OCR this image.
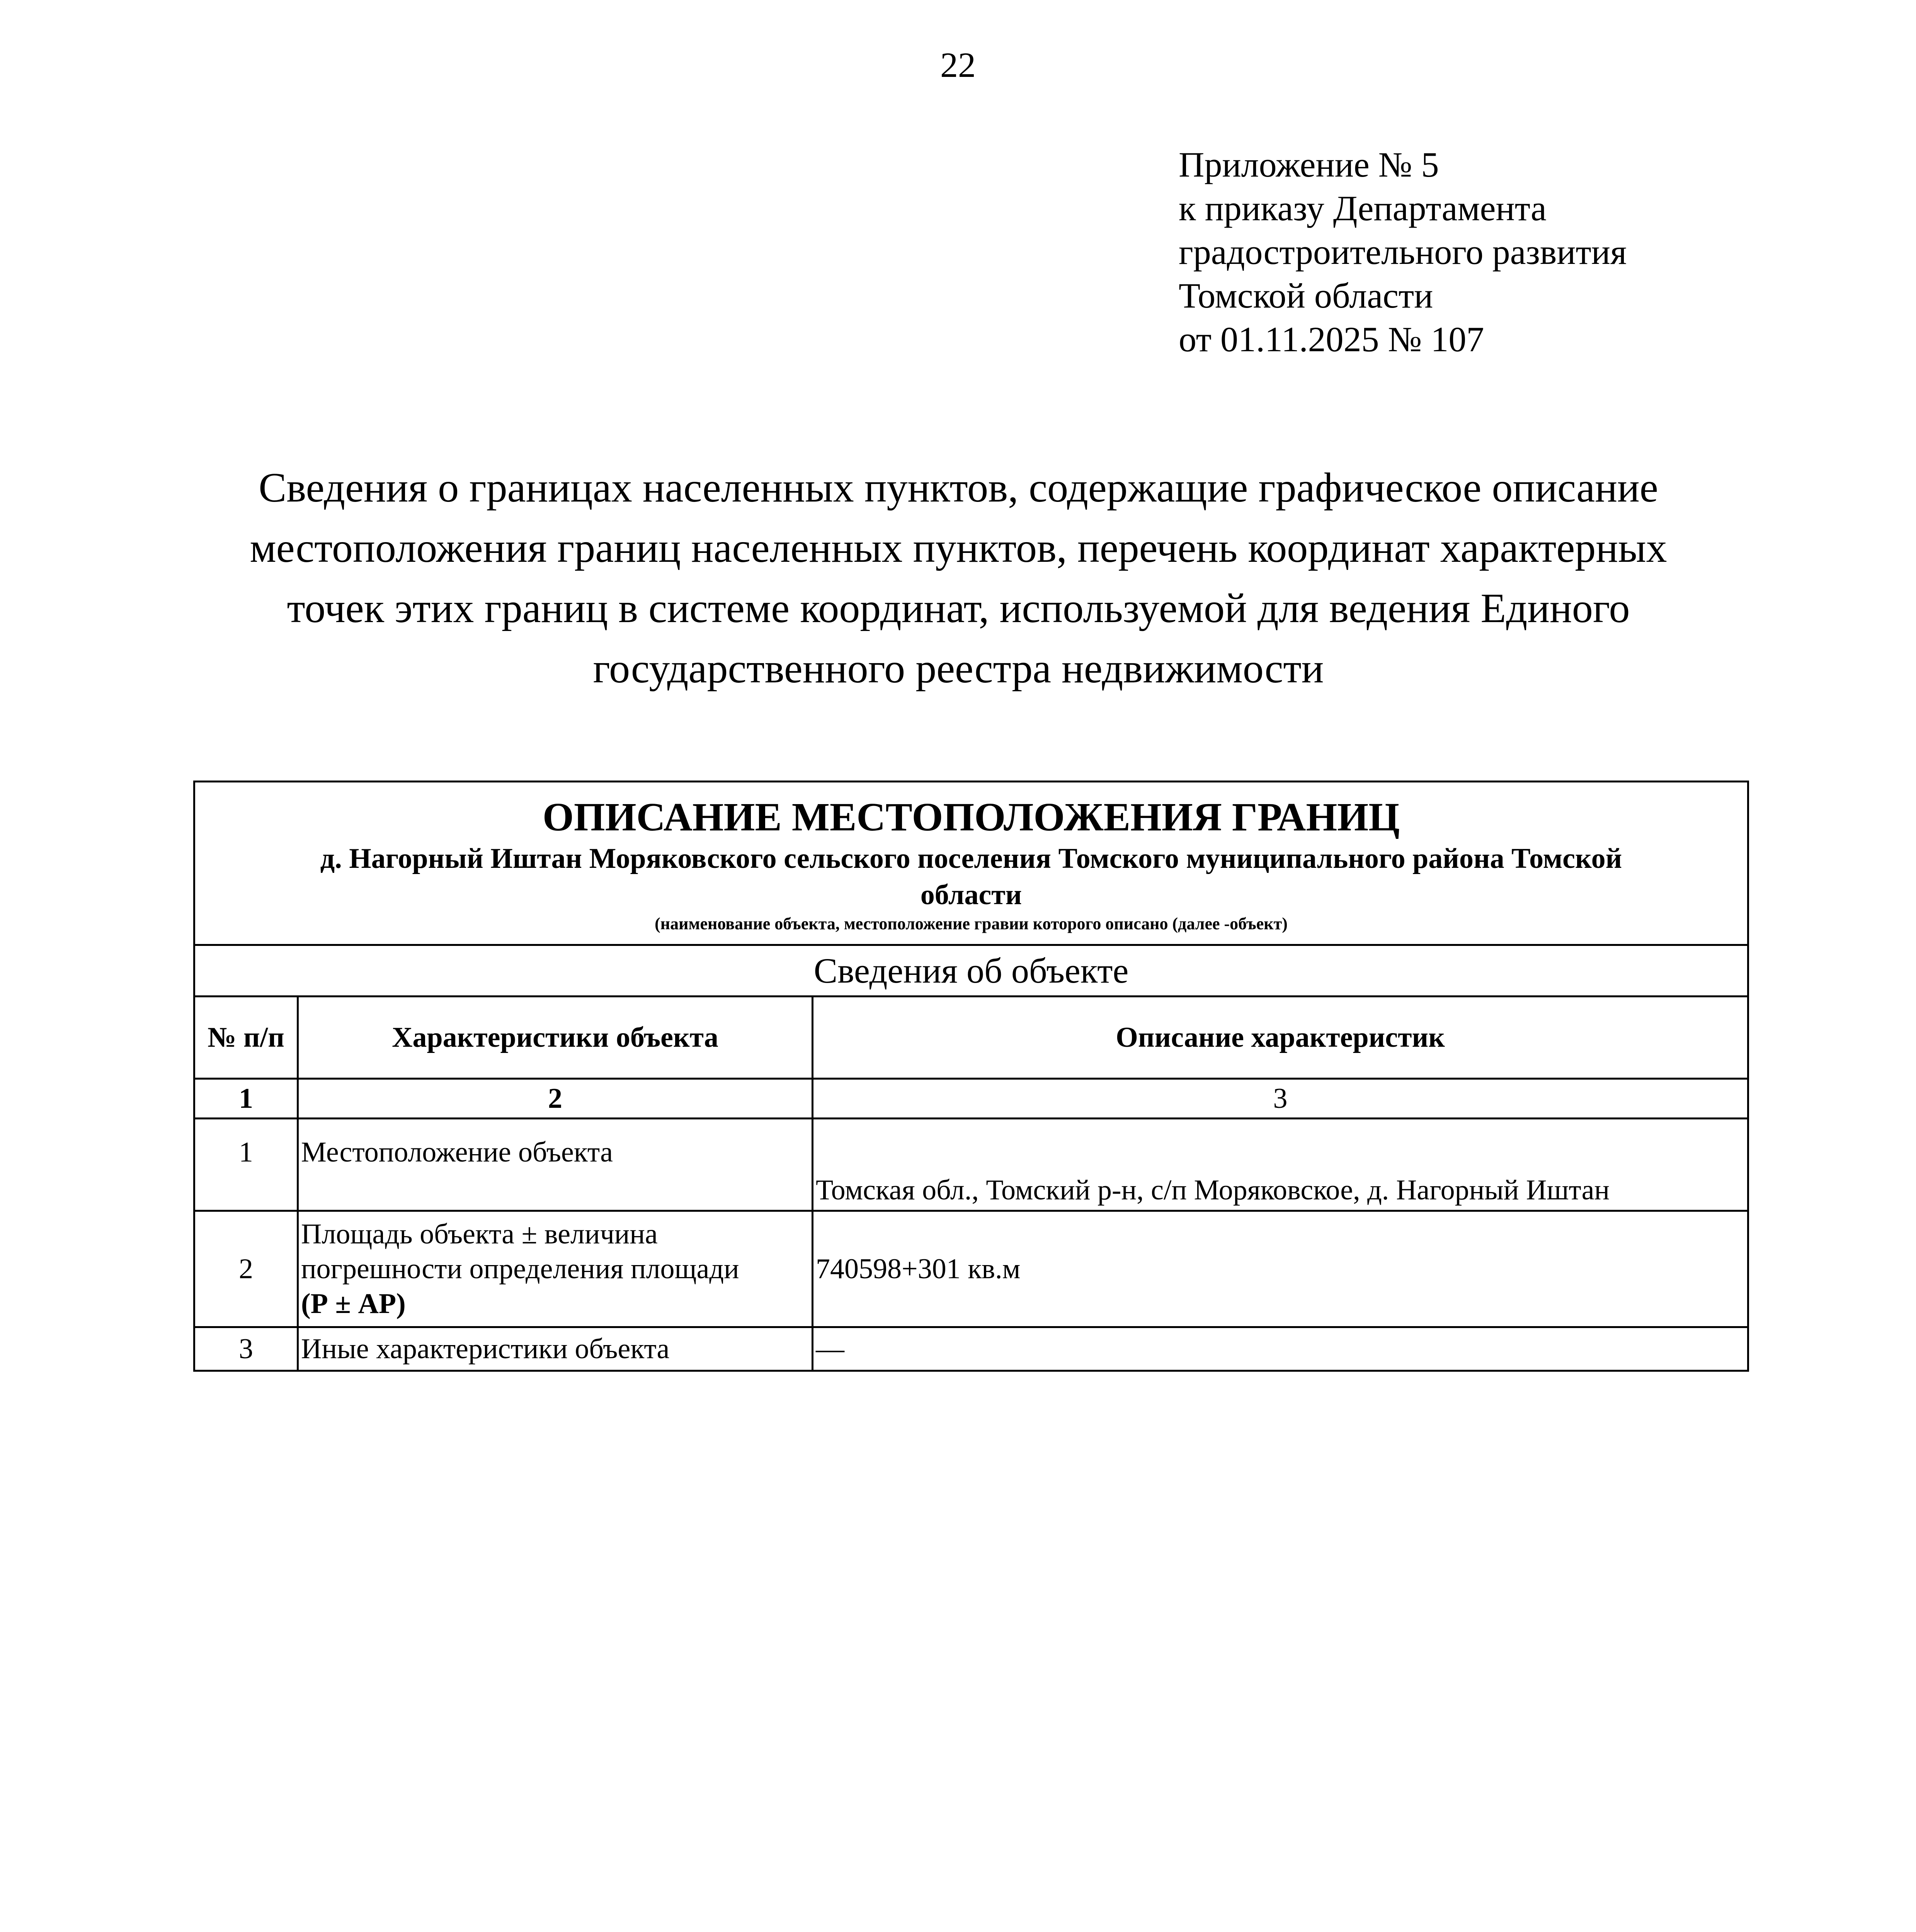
22
Приложение № 5
к приказу Департамента
градостроительного развития
Томской области
от 01.11.2025 № 107
Сведения о границах населенных пунктов, содержащие графическое описание
местоположения границ населенных пунктов, перечень координат характерных
точек этих границ в системе координат, используемой для ведения Единого
государственного реестра недвижимости
ОПИСАНИЕ МЕСТОПОЛОЖЕНИЯ ГРАНИЦ
д. Нагорный Иштан Моряковского сельского поселения Томского муниципального района Томской
области
(наименование объекта, местоположение гравии которого описано (далее -объект)		

Сведения об объекте		
№ п/п	Характеристики объекта	Описание характеристик
1	2	3
1	Местоположение объекта	Томская обл., Томский р-н, с/п Моряковское, д. Нагорный Иштан
2	Площадь объекта ± величина
погрешности определения площади
(Р ± АР)	740598+301 кв.м
3	Иные характеристики объекта	—
